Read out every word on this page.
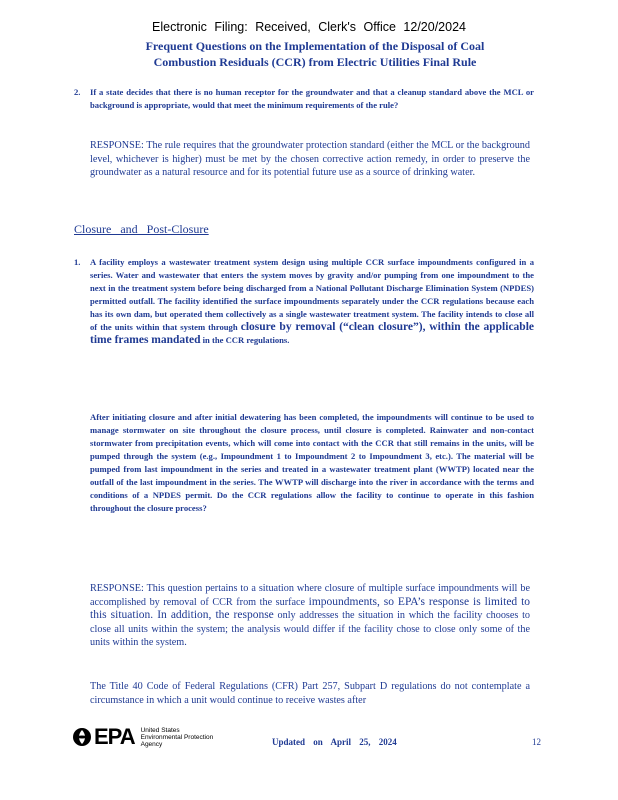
Electronic Filing: Received, Clerk's Office 12/20/2024
Frequent Questions on the Implementation of the Disposal of Coal
Combustion Residuals (CCR) from Electric Utilities Final Rule
2. If a state decides that there is no human receptor for the groundwater and that a cleanup standard above the MCL or background is appropriate, would that meet the minimum requirements of the rule?
RESPONSE: The rule requires that the groundwater protection standard (either the MCL or the background level, whichever is higher) must be met by the chosen corrective action remedy, in order to preserve the groundwater as a natural resource and for its potential future use as a source of drinking water.
Closure and Post-Closure
1. A facility employs a wastewater treatment system design using multiple CCR surface impoundments configured in a series. Water and wastewater that enters the system moves by gravity and/or pumping from one impoundment to the next in the treatment system before being discharged from a National Pollutant Discharge Elimination System (NPDES) permitted outfall. The facility identified the surface impoundments separately under the CCR regulations because each has its own dam, but operated them collectively as a single wastewater treatment system. The facility intends to close all of the units within that system through closure by removal (“clean closure”), within the applicable time frames mandated in the CCR regulations.
After initiating closure and after initial dewatering has been completed, the impoundments will continue to be used to manage stormwater on site throughout the closure process, until closure is completed. Rainwater and non-contact stormwater from precipitation events, which will come into contact with the CCR that still remains in the units, will be pumped through the system (e.g., Impoundment 1 to Impoundment 2 to Impoundment 3, etc.). The material will be pumped from last impoundment in the series and treated in a wastewater treatment plant (WWTP) located near the outfall of the last impoundment in the series. The WWTP will discharge into the river in accordance with the terms and conditions of a NPDES permit. Do the CCR regulations allow the facility to continue to operate in this fashion throughout the closure process?
RESPONSE: This question pertains to a situation where closure of multiple surface impoundments will be accomplished by removal of CCR from the surface impoundments, so EPA’s response is limited to this situation. In addition, the response only addresses the situation in which the facility chooses to close all units within the system; the analysis would differ if the facility chose to close only some of the units within the system.
The Title 40 Code of Federal Regulations (CFR) Part 257, Subpart D regulations do not contemplate a circumstance in which a unit would continue to receive wastes after
EPA United States
Environmental Protection
Agency	Updated on April 25, 2024	12
